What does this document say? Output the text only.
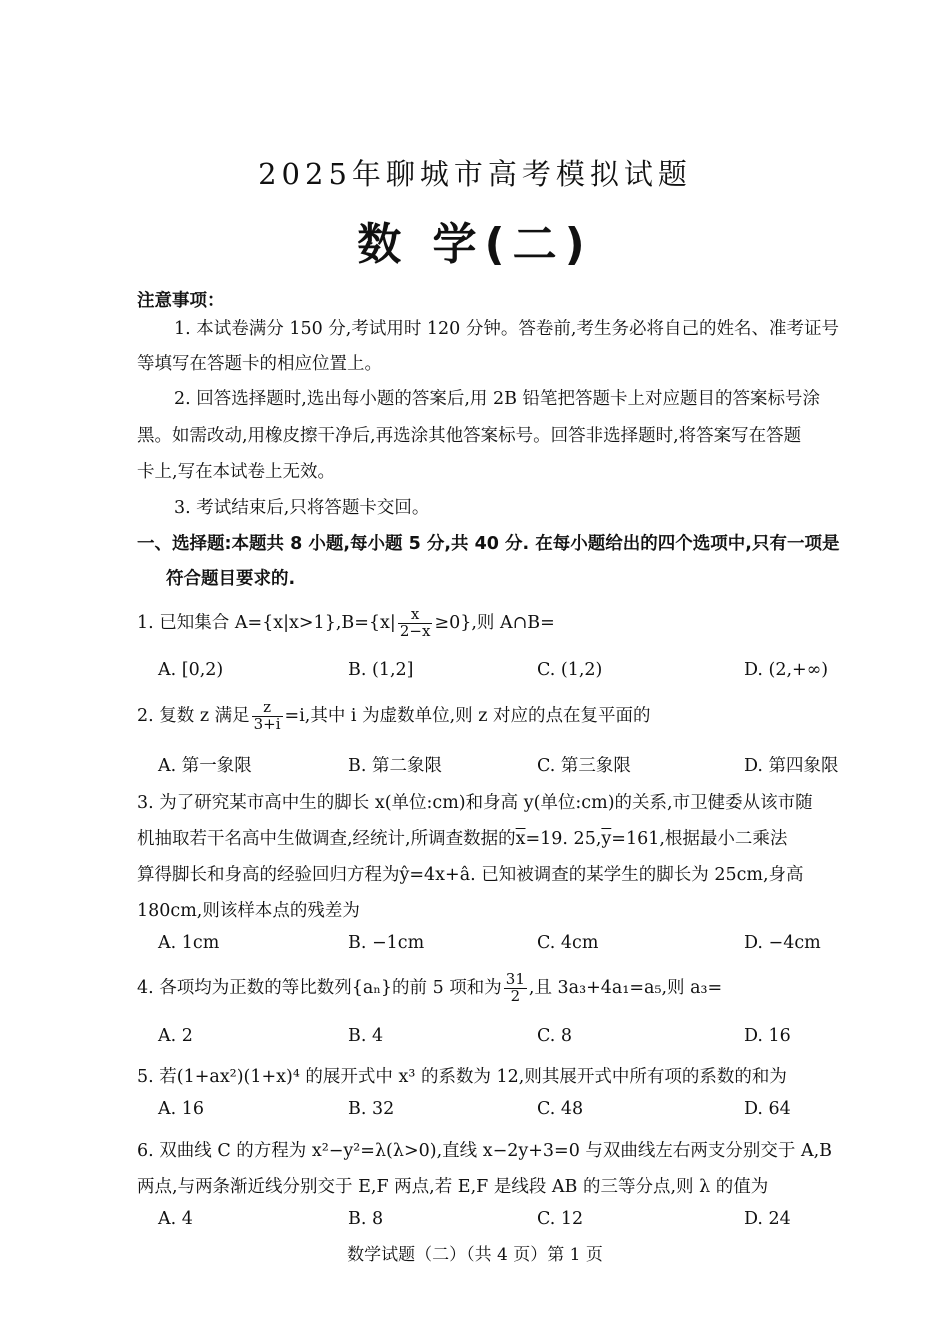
2025年聊城市高考模拟试题
数 学(二)
注意事项：
1. 本试卷满分 150 分,考试用时 120 分钟。答卷前,考生务必将自己的姓名、准考证号
等填写在答题卡的相应位置上。
2. 回答选择题时,选出每小题的答案后,用 2B 铅笔把答题卡上对应题目的答案标号涂
黑。如需改动,用橡皮擦干净后,再选涂其他答案标号。回答非选择题时,将答案写在答题
卡上,写在本试卷上无效。
3. 考试结束后,只将答题卡交回。
一、选择题:本题共 8 小题,每小题 5 分,共 40 分. 在每小题给出的四个选项中,只有一项是
符合题目要求的.
1. 已知集合 $A=\{x|x>1\},B=\{x| \frac{x}{2-x} \ge 0\}$,则 A∩B=
A. [0,2)	B. (1,2]	C. (1,2)	D. (2,+∞)
2. 复数 z 满足 $\frac{z}{3+i} =i$,其中 i 为虚数单位,则 z 对应的点在复平面的
A. 第一象限	B. 第二象限	C. 第三象限	D. 第四象限
3. 为了研究某市高中生的脚长 x(单位:cm)和身高 y(单位:cm)的关系,市卫健委从该市随
机抽取若干名高中生做调查,经统计,所调查数据的$\overline{x}=19$. $25,\overline{y}=161$,根据最小二乘法
算得脚长和身高的经验回归方程为ŷ=4x+â. 已知被调查的某学生的脚长为 25cm,身高
180cm,则该样本点的残差为
A. 1cm	B. −1cm	C. 4cm	D. −4cm
4. 各项均为正数的等比数列{aₙ}的前 5 项和为 $\frac{31}{2}$ ,且 3a₃+4a₁=a₅,则 a₃=
A. 2	B. 4	C. 8	D. 16
5. 若(1+ax²)(1+x)⁴ 的展开式中 x³ 的系数为 12,则其展开式中所有项的系数的和为
A. 16	B. 32	C. 48	D. 64
6. 双曲线 C 的方程为 x²−y²=λ(λ>0),直线 x−2y+3=0 与双曲线左右两支分别交于 A,B
两点,与两条渐近线分别交于 E,F 两点,若 E,F 是线段 AB 的三等分点,则 λ 的值为
A. 4	B. 8	C. 12	D. 24
数学试题（二）（共 4 页）第 1 页
